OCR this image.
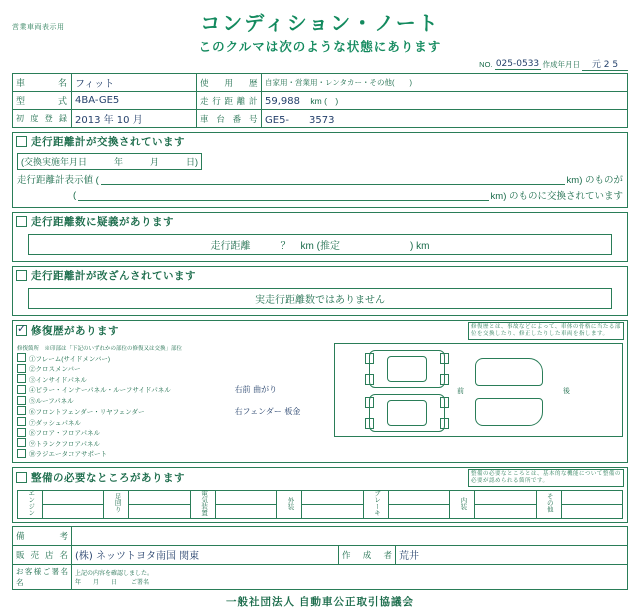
営業車両表示用	コンディション・ノート
このクルマは次のような状態にあります
NO. 025-0533 作成年月日	元 2 5
車　名	フィット	使 用 歴	自家用・営業用・レンタカー・その他(　　)
型　式	4BA-GE5	走行距離計	59,988 km (　)
初度登録	2013 年 10 月	車台番号	GE5-　　3573
走行距離計が交換されています
(交換実施年月日　　　年　　　月　　　日)
走行距離計表示値 (	km) のものが
(	km) のものに交換されています
走行距離数に疑義があります
走行距離　　　？　km (推定　　　　　　　) km
走行距離計が改ざんされています
実走行距離数ではありません
✓
修復歴があります	修復歴とは、事故などによって、車体の骨格に当たる部位を交換したり、修正したりした車両を指します。
修復箇所　※印部は「下記のいずれかの部位の修復又は交換」部位
	①フレーム(サイドメンバー)	
	②クロスメンバー	
	③インサイドパネル	
	④ピラー・インナーパネル・ルーフサイドパネル	右前 曲がり
	⑤ルーフパネル	
	⑥フロントフェンダー・リヤフェンダー	右フェンダー 板金
	⑦ダッシュパネル	
	⑧フロア・フロアパネル	
	⑨トランクフロアパネル	
	⑩ラジエータコアサポート	
前	後
整備の必要なところがあります	整備の必要なところとは、基本的な機能について整備の必要が認められる箇所です。
エンジン		足回り		電気装置		外装		ブレーキ		内装		その他	

備　考			
販売店名	(株) ネッツトヨタ南国 関東	作成者	荒井
お客様ご署名名	上記の内容を確認しました。
年　　月　　日 ご署名		
一般社団法人 自動車公正取引協議会
